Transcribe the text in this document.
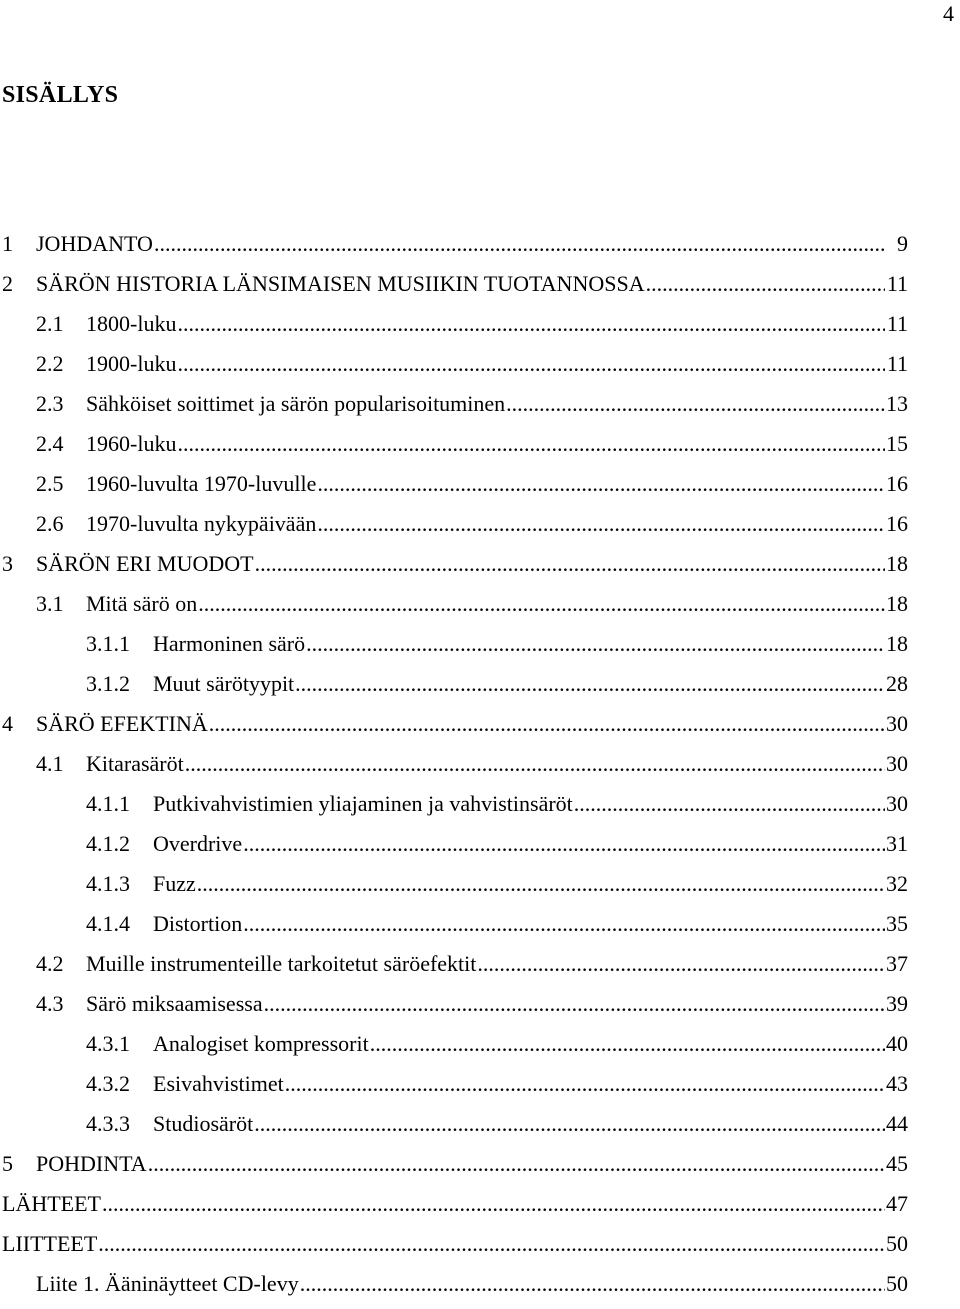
4
SISÄLLYS
1	JOHDANTO .....	9
2	SÄRÖN HISTORIA LÄNSIMAISEN MUSIIKIN TUOTANNOSSA .....	11
2.1	1800-luku .....	11
2.2	1900-luku .....	11
2.3	Sähköiset soittimet ja särön popularisoituminen .....	13
2.4	1960-luku .....	15
2.5	1960-luvulta 1970-luvulle .....	16
2.6	1970-luvulta nykypäivään .....	16
3	SÄRÖN ERI MUODOT .....	18
3.1	Mitä särö on .....	18
3.1.1	Harmoninen särö .....	18
3.1.2	Muut särötyypit .....	28
4	SÄRÖ EFEKTINÄ .....	30
4.1	Kitarasäröt .....	30
4.1.1	Putkivahvistimien yliajaminen ja vahvistinsäröt .....	30
4.1.2	Overdrive .....	31
4.1.3	Fuzz .....	32
4.1.4	Distortion .....	35
4.2	Muille instrumenteille tarkoitetut säröefektit .....	37
4.3	Särö miksaamisessa .....	39
4.3.1	Analogiset kompressorit .....	40
4.3.2	Esivahvistimet .....	43
4.3.3	Studiosäröt .....	44
5	POHDINTA .....	45
LÄHTEET .....	47
LIITTEET .....	50
Liite 1. Ääninäytteet CD-levy .....	50
